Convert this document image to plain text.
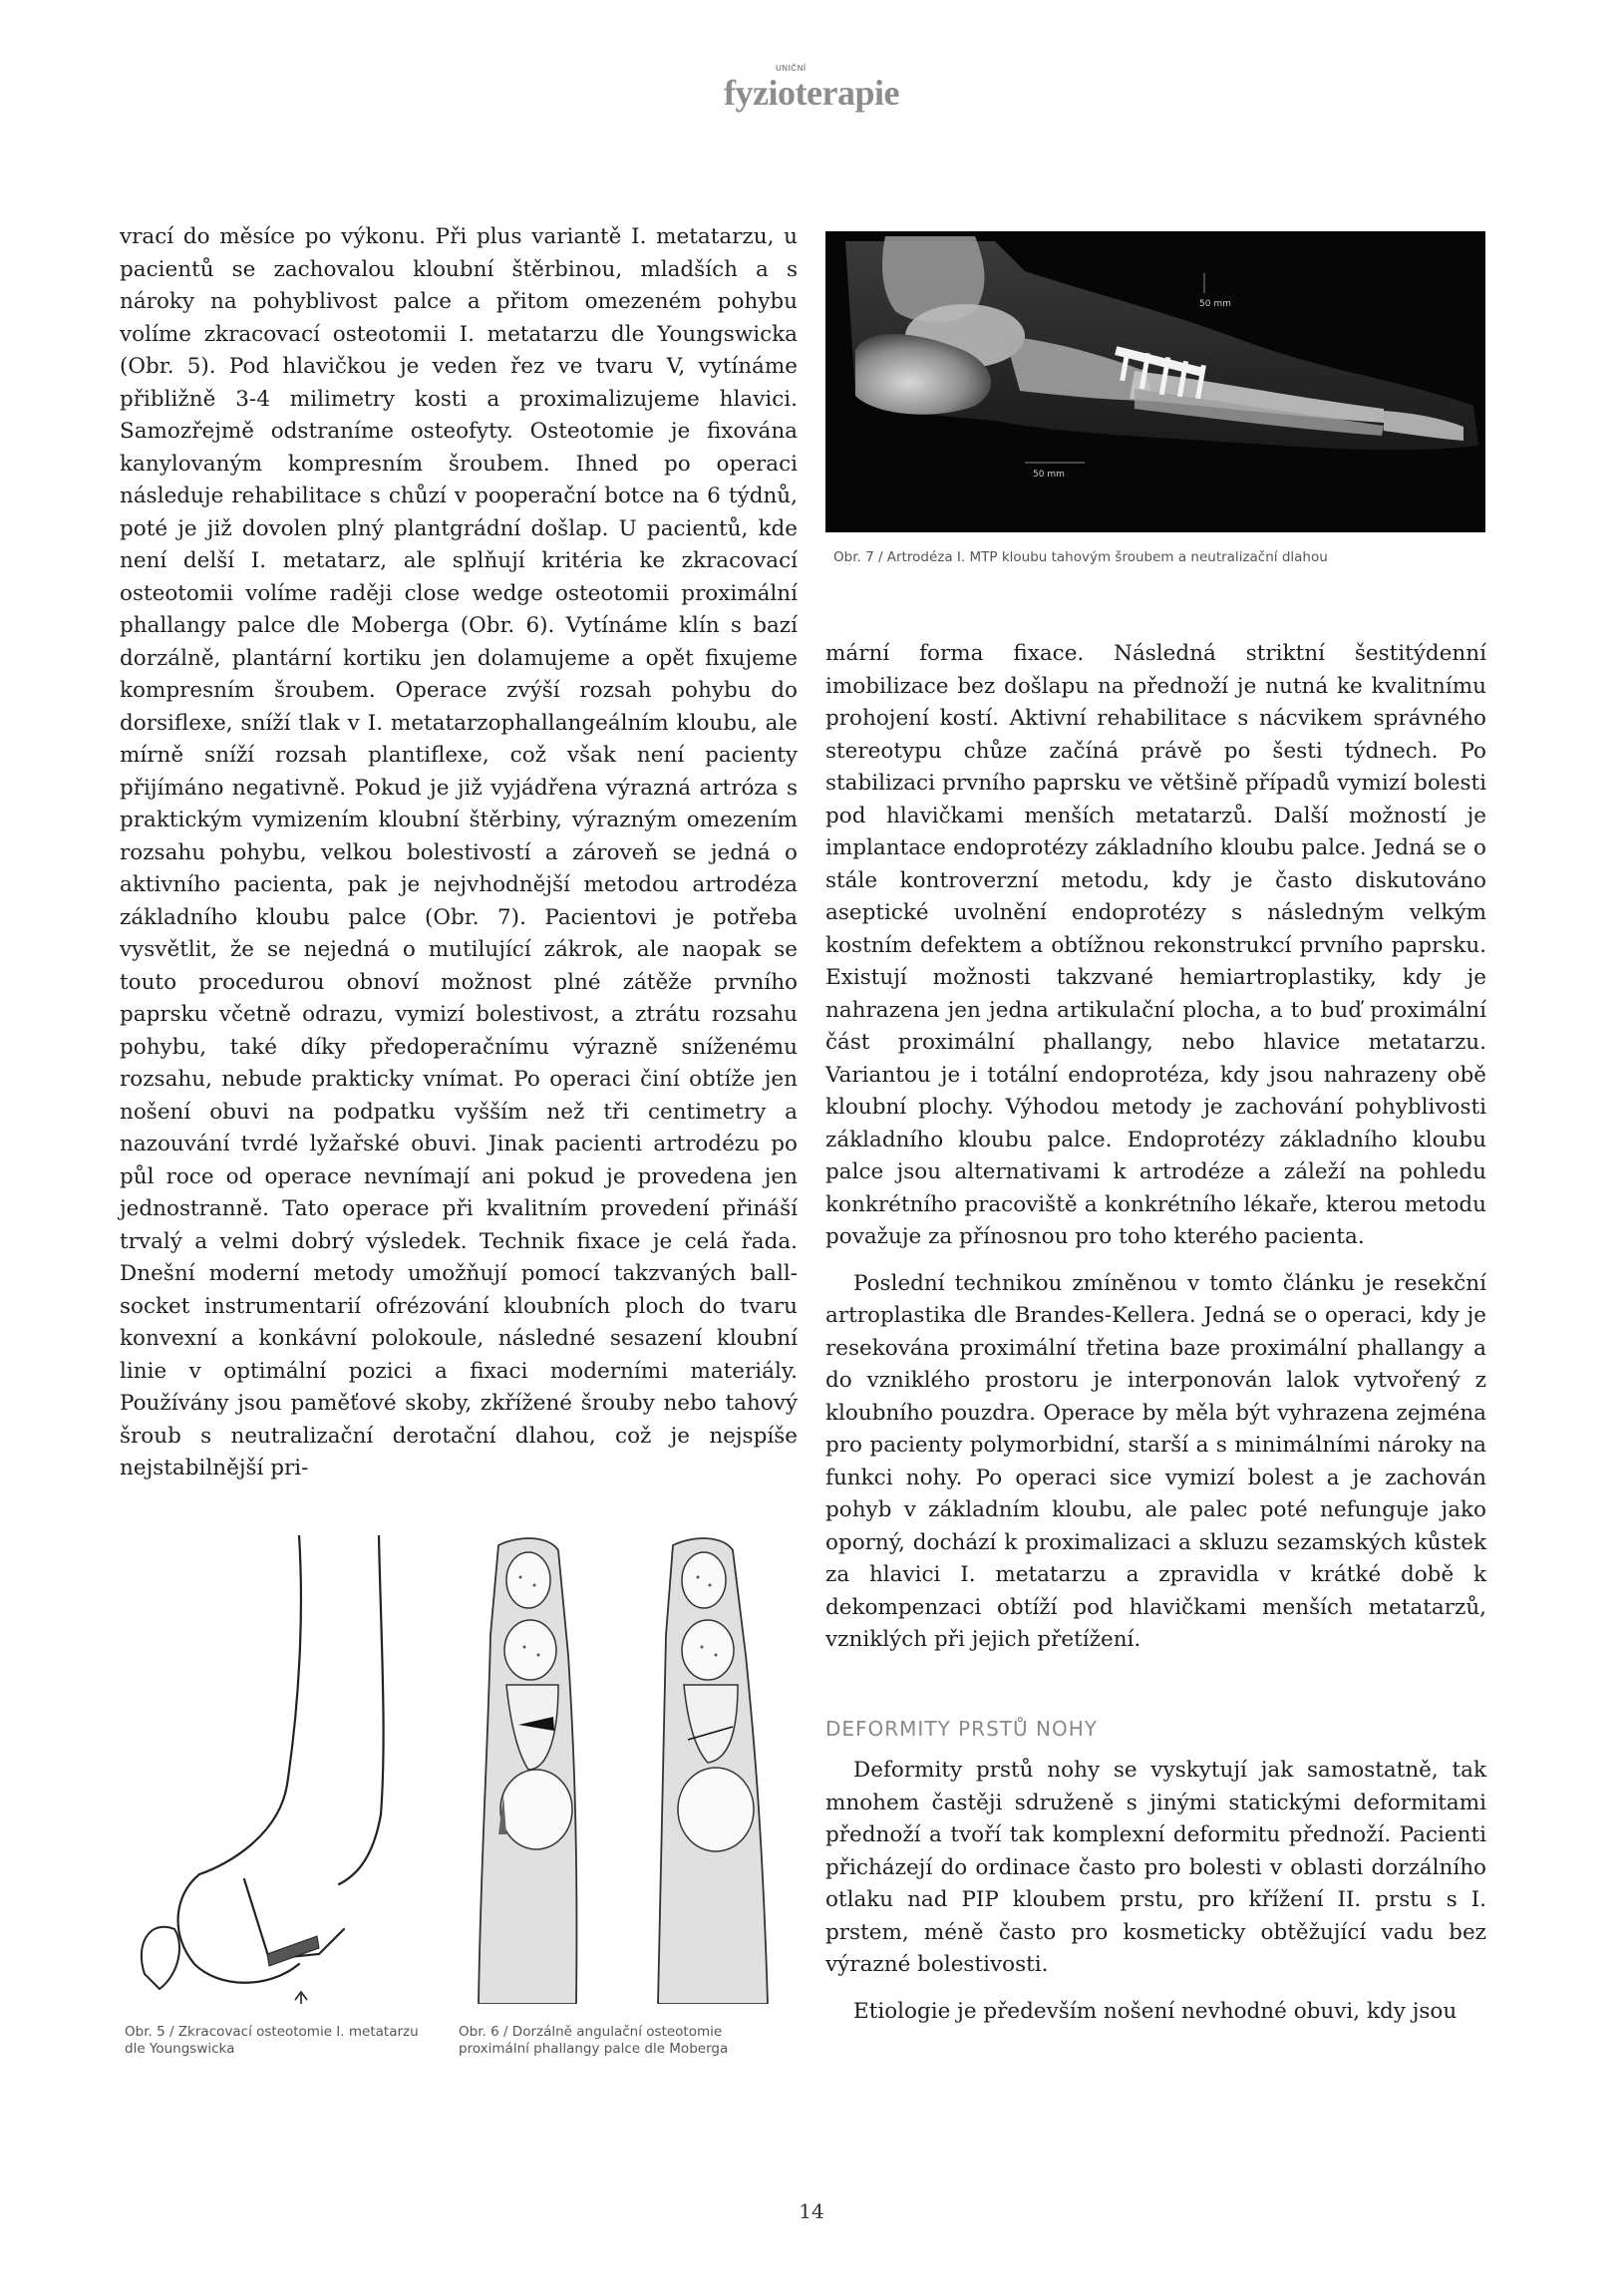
UNIČNÍ
fyzioterapie

vrací do měsíce po výkonu. Při plus variantě I. metatarzu, u pacientů se zachovalou kloubní štěrbinou, mladších a s nároky na pohyblivost palce a přitom omezeném pohybu volíme zkracovací osteotomii I. metatarzu dle Youngswicka (Obr. 5). Pod hlavičkou je veden řez ve tvaru V, vytínáme přibližně 3-4 milimetry kosti a proximalizujeme hlavici. Samozřejmě odstraníme osteofyty. Osteotomie je fixována kanylovaným kompresním šroubem. Ihned po operaci následuje rehabilitace s chůzí v pooperační botce na 6 týdnů, poté je již dovolen plný plantgrádní došlap. U pacientů, kde není delší I. metatarz, ale splňují kritéria ke zkracovací osteotomii volíme raději close wedge osteotomii proximální phallangy palce dle Moberga (Obr. 6). Vytínáme klín s bazí dorzálně, plantární kortiku jen dolamujeme a opět fixujeme kompresním šroubem. Operace zvýší rozsah pohybu do dorsiflexe, sníží tlak v I. metatarzophallangeálním kloubu, ale mírně sníží rozsah plantiflexe, což však není pacienty přijímáno negativně. Pokud je již vyjádřena výrazná artróza s praktickým vymizením kloubní štěrbiny, výrazným omezením rozsahu pohybu, velkou bolestivostí a zároveň se jedná o aktivního pacienta, pak je nejvhodnější metodou artrodéza základního kloubu palce (Obr. 7). Pacientovi je potřeba vysvětlit, že se nejedná o mutilující zákrok, ale naopak se touto procedurou obnoví možnost plné zátěže prvního paprsku včetně odrazu, vymizí bolestivost, a ztrátu rozsahu pohybu, také díky předoperačnímu výrazně sníženému rozsahu, nebude prakticky vnímat. Po operaci činí obtíže jen nošení obuvi na podpatku vyšším než tři centimetry a nazouvání tvrdé lyžařské obuvi. Jinak pacienti artrodézu po půl roce od operace nevnímají ani pokud je provedena jen jednostranně. Tato operace při kvalitním provedení přináší trvalý a velmi dobrý výsledek. Technik fixace je celá řada. Dnešní moderní metody umožňují pomocí takzvaných ball-socket instrumentarií ofrézování kloubních ploch do tvaru konvexní a konkávní polokoule, následné sesazení kloubní linie v optimální pozici a fixaci moderními materiály. Používány jsou paměťové skoby, zkřížené šrouby nebo tahový šroub s neutralizační derotační dlahou, což je nejspíše nejstabilnější pri-

50 mm
50 mm
Obr. 7 / Artrodéza I. MTP kloubu tahovým šroubem a neutralizační dlahou

mární forma fixace. Následná striktní šestitýdenní imobilizace bez došlapu na přednoží je nutná ke kvalitnímu prohojení kostí. Aktivní rehabilitace s nácvikem správného stereotypu chůze začíná právě po šesti týdnech. Po stabilizaci prvního paprsku ve většině případů vymizí bolesti pod hlavičkami menších metatarzů. Další možností je implantace endoprotézy základního kloubu palce. Jedná se o stále kontroverzní metodu, kdy je často diskutováno aseptické uvolnění endoprotézy s následným velkým kostním defektem a obtížnou rekonstrukcí prvního paprsku. Existují možnosti takzvané hemiartroplastiky, kdy je nahrazena jen jedna artikulační plocha, a to buď proximální část proximální phallangy, nebo hlavice metatarzu. Variantou je i totální endoprotéza, kdy jsou nahrazeny obě kloubní plochy. Výhodou metody je zachování pohyblivosti základního kloubu palce. Endoprotézy základního kloubu palce jsou alternativami k artrodéze a záleží na pohledu konkrétního pracoviště a konkrétního lékaře, kterou metodu považuje za přínosnou pro toho kterého pacienta.

Poslední technikou zmíněnou v tomto článku je resekční artroplastika dle Brandes-Kellera. Jedná se o operaci, kdy je resekována proximální třetina baze proximální phallangy a do vzniklého prostoru je interponován lalok vytvořený z kloubního pouzdra. Operace by měla být vyhrazena zejména pro pacienty polymorbidní, starší a s minimálními nároky na funkci nohy. Po operaci sice vymizí bolest a je zachován pohyb v základním kloubu, ale palec poté nefunguje jako oporný, dochází k proximalizaci a skluzu sezamských kůstek za hlavici I. metatarzu a zpravidla v krátké době k dekompenzaci obtíží pod hlavičkami menších metatarzů, vzniklých při jejich přetížení.

DEFORMITY PRSTŮ NOHY

Deformity prstů nohy se vyskytují jak samostatně, tak mnohem častěji sdruženě s jinými statickými deformitami přednoží a tvoří tak komplexní deformitu přednoží. Pacienti přicházejí do ordinace často pro bolesti v oblasti dorzálního otlaku nad PIP kloubem prstu, pro křížení II. prstu s I. prstem, méně často pro kosmeticky obtěžující vadu bez výrazné bolestivosti.

Etiologie je především nošení nevhodné obuvi, kdy jsou

Obr. 5 / Zkracovací osteotomie I. metatarzu dle Youngswicka
Obr. 6 / Dorzálně angulační osteotomie proximální phallangy palce dle Moberga
14
